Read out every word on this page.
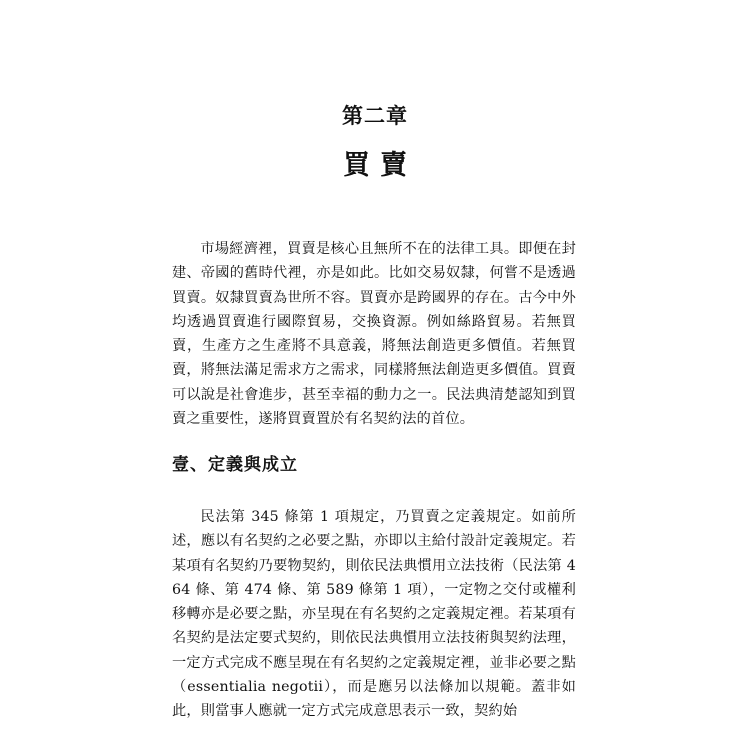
第二章
買賣

市場經濟裡，買賣是核心且無所不在的法律工具。即便在封建、帝國的舊時代裡，亦是如此。比如交易奴隸，何嘗不是透過買賣。奴隸買賣為世所不容。買賣亦是跨國界的存在。古今中外均透過買賣進行國際貿易，交換資源。例如絲路貿易。若無買賣，生產方之生產將不具意義，將無法創造更多價值。若無買賣，將無法滿足需求方之需求，同樣將無法創造更多價值。買賣可以說是社會進步，甚至幸福的動力之一。民法典清楚認知到買賣之重要性，遂將買賣置於有名契約法的首位。

壹、定義與成立

民法第 345 條第 1 項規定，乃買賣之定義規定。如前所述，應以有名契約之必要之點，亦即以主給付設計定義規定。若某項有名契約乃要物契約，則依民法典慣用立法技術（民法第 464 條、第 474 條、第 589 條第 1 項），一定物之交付或權利移轉亦是必要之點，亦呈現在有名契約之定義規定裡。若某項有名契約是法定要式契約，則依民法典慣用立法技術與契約法理，一定方式完成不應呈現在有名契約之定義規定裡，並非必要之點（essentialia negotii），而是應另以法條加以規範。蓋非如此，則當事人應就一定方式完成意思表示一致，契約始
